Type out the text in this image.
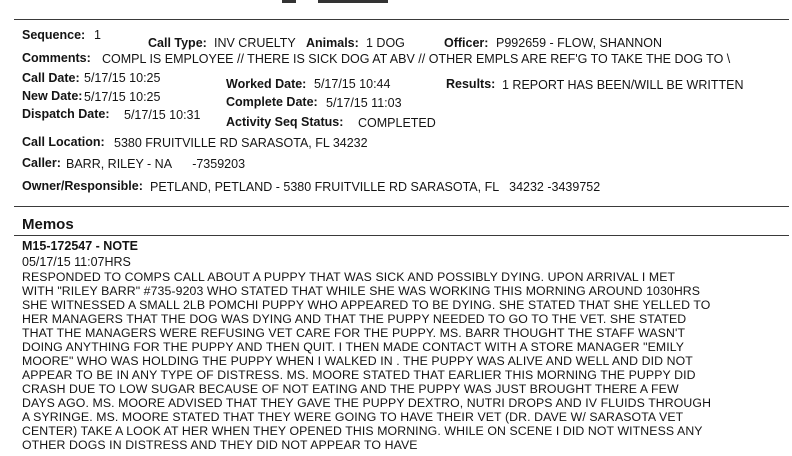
Sequence: 1
Call Type: INV CRUELTY Animals: 1 DOG	Officer: P992659 - FLOW, SHANNON
Comments: COMPL IS EMPLOYEE // THERE IS SICK DOG AT ABV // OTHER EMPLS ARE REF'G TO TAKE THE DOG TO \
Call Date: 5/17/15 10:25
New Date: 5/17/15 10:25
Dispatch Date: 5/17/15 10:31
Worked Date: 5/17/15 10:44
Complete Date: 5/17/15 11:03
Activity Seq Status: COMPLETED
Results: 1 REPORT HAS BEEN/WILL BE WRITTEN
Call Location: 5380 FRUITVILLE RD SARASOTA, FL 34232
Caller: BARR, RILEY - NA      -7359203
Owner/Responsible: PETLAND, PETLAND - 5380 FRUITVILLE RD SARASOTA, FL   34232 -3439752
Memos
M15-172547 - NOTE
05/17/15 11:07HRS
RESPONDED TO COMPS CALL ABOUT A PUPPY THAT WAS SICK AND POSSIBLY DYING. UPON ARRIVAL I MET
WITH "RILEY BARR" #735-9203 WHO STATED THAT WHILE SHE WAS WORKING THIS MORNING AROUND 1030HRS
SHE WITNESSED A SMALL 2LB POMCHI PUPPY WHO APPEARED TO BE DYING. SHE STATED THAT SHE YELLED TO
HER MANAGERS THAT THE DOG WAS DYING AND THAT THE PUPPY NEEDED TO GO TO THE VET. SHE STATED
THAT THE MANAGERS WERE REFUSING VET CARE FOR THE PUPPY. MS. BARR THOUGHT THE STAFF WASN'T
DOING ANYTHING FOR THE PUPPY AND THEN QUIT. I THEN MADE CONTACT WITH A STORE MANAGER "EMILY
MOORE" WHO WAS HOLDING THE PUPPY WHEN I WALKED IN . THE PUPPY WAS ALIVE AND WELL AND DID NOT
APPEAR TO BE IN ANY TYPE OF DISTRESS. MS. MOORE STATED THAT EARLIER THIS MORNING THE PUPPY DID
CRASH DUE TO LOW SUGAR BECAUSE OF NOT EATING AND THE PUPPY WAS JUST BROUGHT THERE A FEW
DAYS AGO. MS. MOORE ADVISED THAT THEY GAVE THE PUPPY DEXTRO, NUTRI DROPS AND IV FLUIDS THROUGH
A SYRINGE. MS. MOORE STATED THAT THEY WERE GOING TO HAVE THEIR VET (DR. DAVE W/ SARASOTA VET
CENTER) TAKE A LOOK AT HER WHEN THEY OPENED THIS MORNING. WHILE ON SCENE I DID NOT WITNESS ANY
OTHER DOGS IN DISTRESS AND THEY DID NOT APPEAR TO HAVE
